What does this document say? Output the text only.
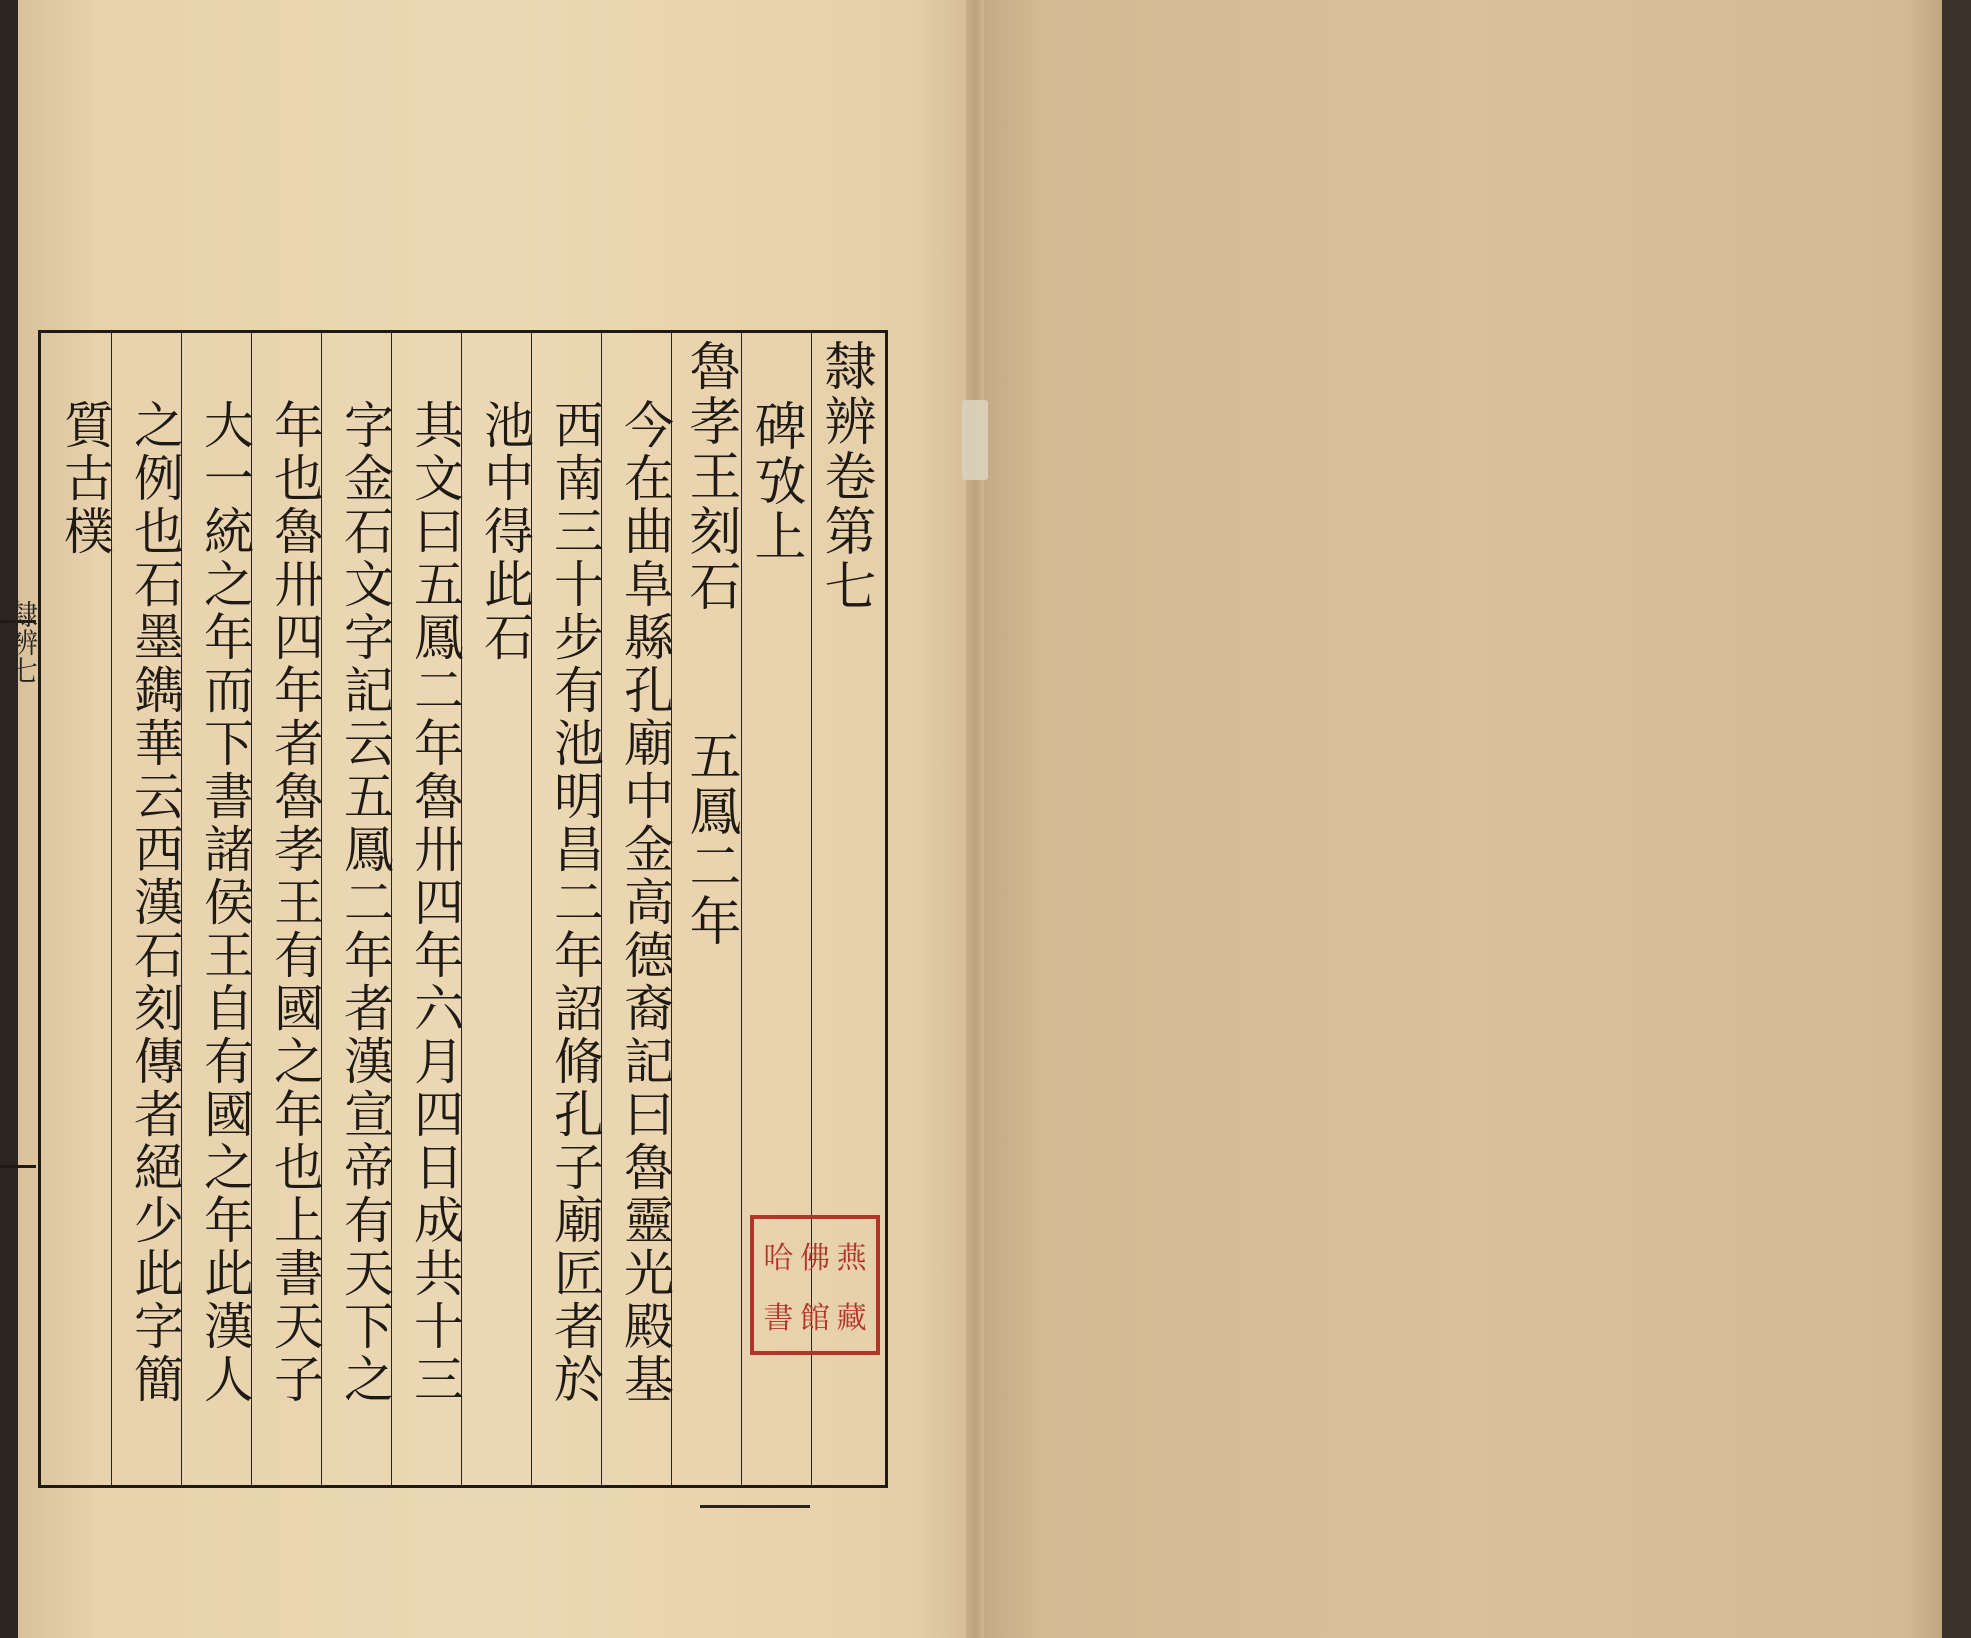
隸辨七
隸辨卷第七
碑攷上
魯孝王刻石
五鳳二年
今在曲阜縣孔廟中金高德裔記曰魯靈光殿基
西南三十步有池明昌二年詔脩孔子廟匠者於
池中得此石
其文曰五鳳二年魯卅四年六月四日成共十三
字金石文字記云五鳳二年者漢宣帝有天下之
年也魯卅四年者魯孝王有國之年也上書天子
大一統之年而下書諸侯王自有國之年此漢人
之例也石墨鐫華云西漢石刻傳者絕少此字簡
質古樸
哈 佛 燕
書 館 藏
